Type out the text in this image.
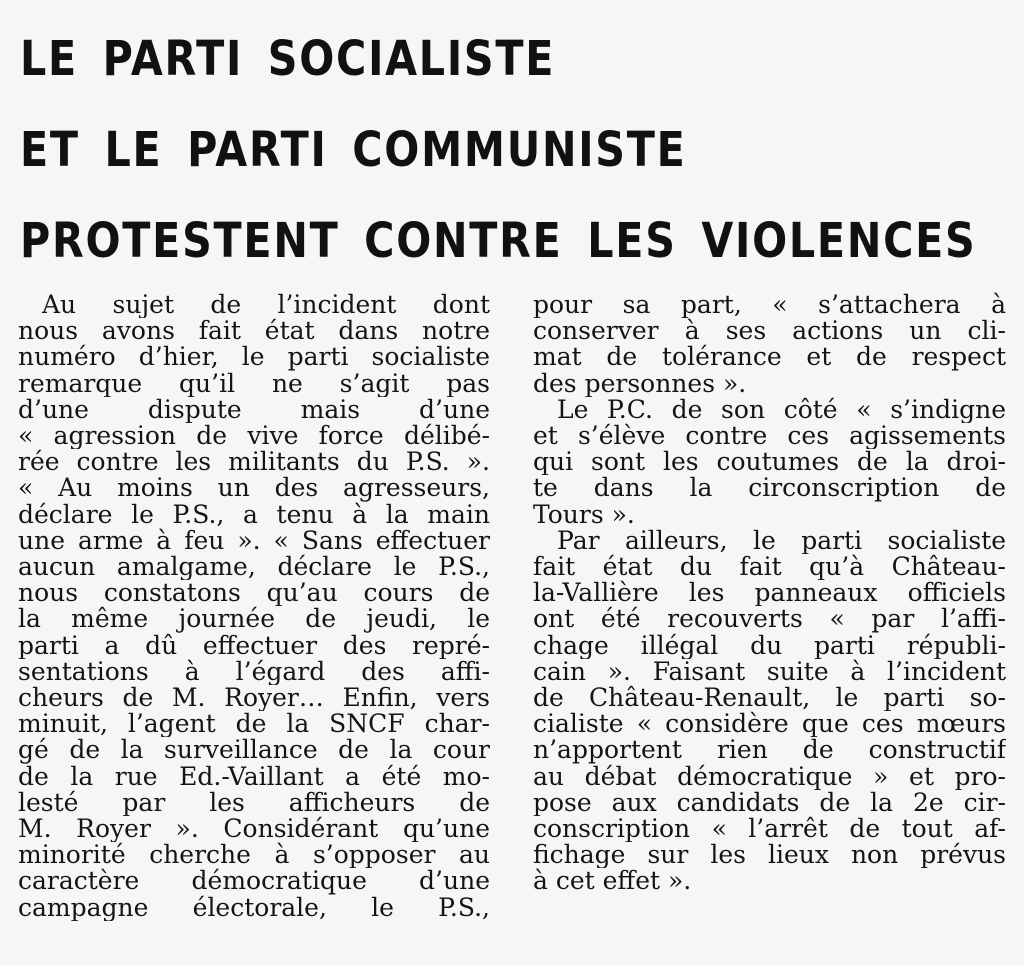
LE PARTI SOCIALISTE
ET LE PARTI COMMUNISTE
PROTESTENT CONTRE LES VIOLENCES
Au sujet de l’incident dont
nous avons fait état dans notre
numéro d’hier, le parti socialiste
remarque qu’il ne s’agit pas
d’une dispute mais d’une
« agression de vive force délibé-
rée contre les militants du P.S. ».
« Au moins un des agresseurs,
déclare le P.S., a tenu à la main
une arme à feu ». « Sans effectuer
aucun amalgame, déclare le P.S.,
nous constatons qu’au cours de
la même journée de jeudi, le
parti a dû effectuer des repré-
sentations à l’égard des affi-
cheurs de M. Royer… Enfin, vers
minuit, l’agent de la SNCF char-
gé de la surveillance de la cour
de la rue Ed.-Vaillant a été mo-
lesté par les afficheurs de
M. Royer ». Considérant qu’une
minorité cherche à s’opposer au
caractère démocratique d’une
campagne électorale, le P.S.,
pour sa part, « s’attachera à
conserver à ses actions un cli-
mat de tolérance et de respect
des personnes ».
Le P.C. de son côté « s’indigne
et s’élève contre ces agissements
qui sont les coutumes de la droi-
te dans la circonscription de
Tours ».
Par ailleurs, le parti socialiste
fait état du fait qu’à Château-
la-Vallière les panneaux officiels
ont été recouverts « par l’affi-
chage illégal du parti républi-
cain ». Faisant suite à l’incident
de Château-Renault, le parti so-
cialiste « considère que ces mœurs
n’apportent rien de constructif
au débat démocratique » et pro-
pose aux candidats de la 2e cir-
conscription « l’arrêt de tout af-
fichage sur les lieux non prévus
à cet effet ».
